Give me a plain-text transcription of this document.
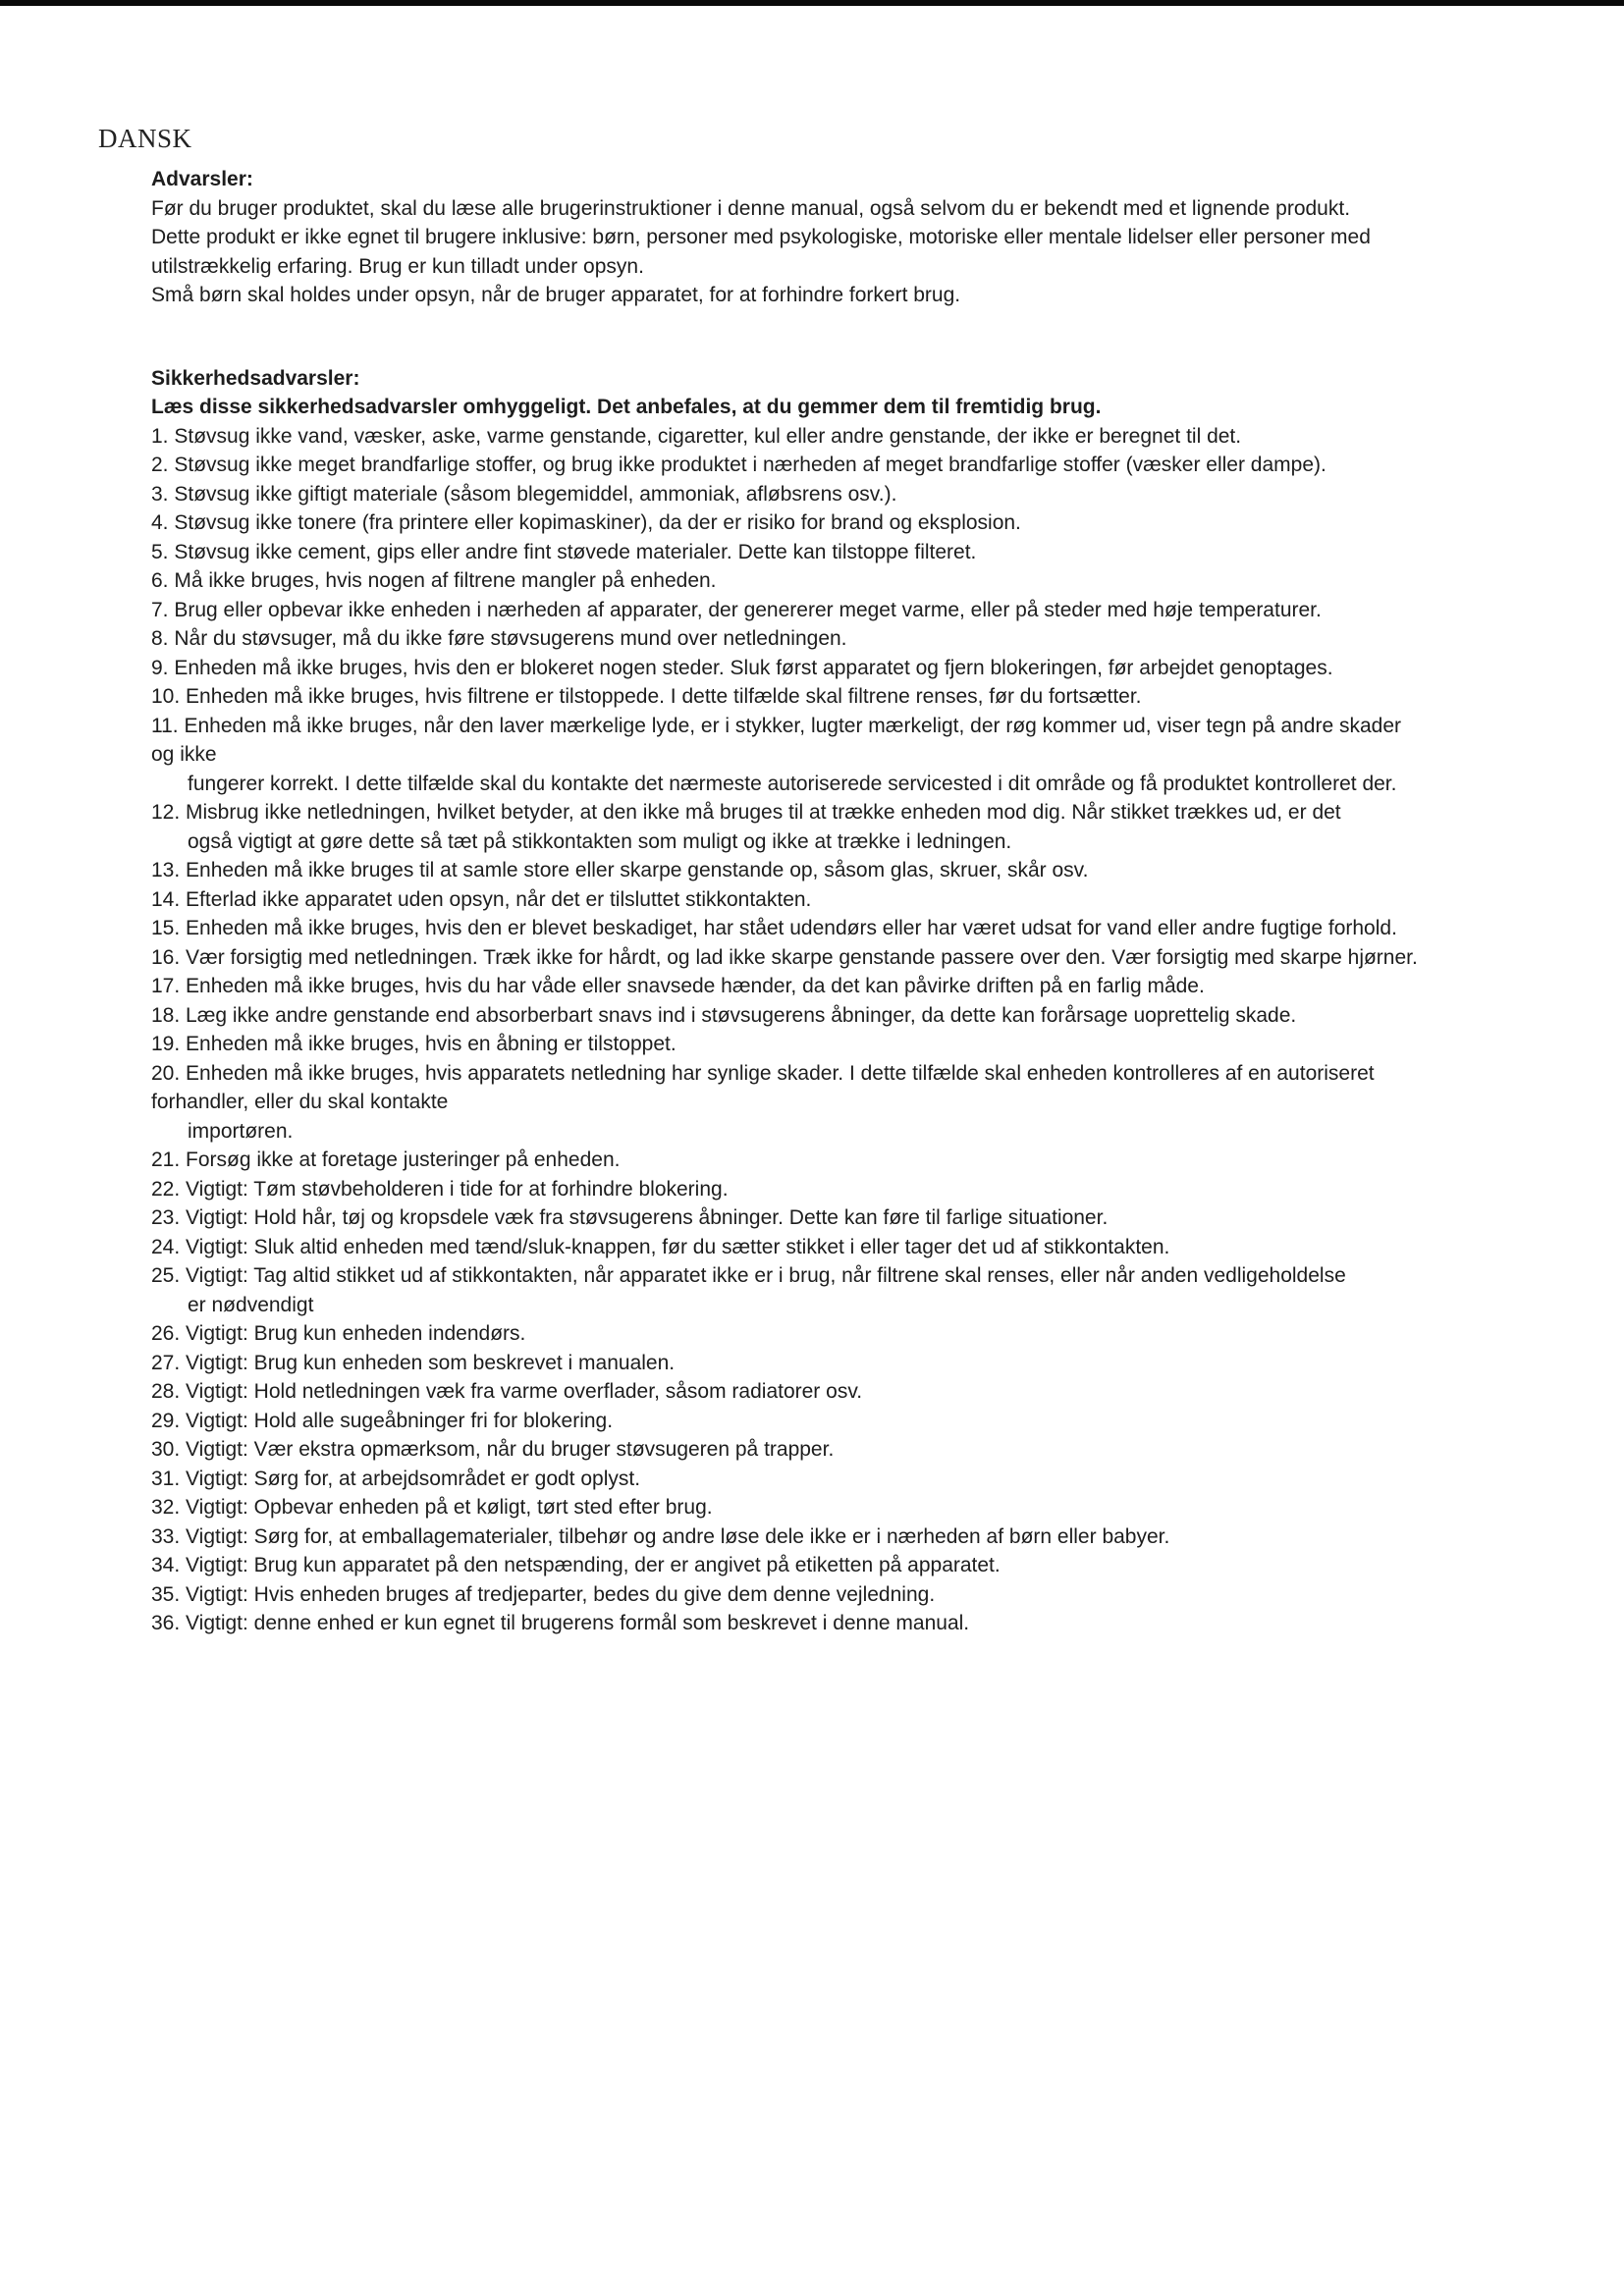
DANSK
Advarsler:
Før du bruger produktet, skal du læse alle brugerinstruktioner i denne manual, også selvom du er bekendt med et lignende produkt.
Dette produkt er ikke egnet til brugere inklusive: børn, personer med psykologiske, motoriske eller mentale lidelser eller personer med
utilstrækkelig erfaring. Brug er kun tilladt under opsyn.
Små børn skal holdes under opsyn, når de bruger apparatet, for at forhindre forkert brug.
Sikkerhedsadvarsler:
Læs disse sikkerhedsadvarsler omhyggeligt. Det anbefales, at du gemmer dem til fremtidig brug.
1. Støvsug ikke vand, væsker, aske, varme genstande, cigaretter, kul eller andre genstande, der ikke er beregnet til det.
2. Støvsug ikke meget brandfarlige stoffer, og brug ikke produktet i nærheden af meget brandfarlige stoffer (væsker eller dampe).
3. Støvsug ikke giftigt materiale (såsom blegemiddel, ammoniak, afløbsrens osv.).
4. Støvsug ikke tonere (fra printere eller kopimaskiner), da der er risiko for brand og eksplosion.
5. Støvsug ikke cement, gips eller andre fint støvede materialer. Dette kan tilstoppe filteret.
6. Må ikke bruges, hvis nogen af filtrene mangler på enheden.
7. Brug eller opbevar ikke enheden i nærheden af apparater, der genererer meget varme, eller på steder med høje temperaturer.
8. Når du støvsuger, må du ikke føre støvsugerens mund over netledningen.
9. Enheden må ikke bruges, hvis den er blokeret nogen steder. Sluk først apparatet og fjern blokeringen, før arbejdet genoptages.
10. Enheden må ikke bruges, hvis filtrene er tilstoppede. I dette tilfælde skal filtrene renses, før du fortsætter.
11. Enheden må ikke bruges, når den laver mærkelige lyde, er i stykker, lugter mærkeligt, der røg kommer ud, viser tegn på andre skader
og ikke
fungerer korrekt. I dette tilfælde skal du kontakte det nærmeste autoriserede servicested i dit område og få produktet kontrolleret der.
12. Misbrug ikke netledningen, hvilket betyder, at den ikke må bruges til at trække enheden mod dig. Når stikket trækkes ud, er det
også vigtigt at gøre dette så tæt på stikkontakten som muligt og ikke at trække i ledningen.
13. Enheden må ikke bruges til at samle store eller skarpe genstande op, såsom glas, skruer, skår osv.
14. Efterlad ikke apparatet uden opsyn, når det er tilsluttet stikkontakten.
15. Enheden må ikke bruges, hvis den er blevet beskadiget, har stået udendørs eller har været udsat for vand eller andre fugtige forhold.
16. Vær forsigtig med netledningen. Træk ikke for hårdt, og lad ikke skarpe genstande passere over den. Vær forsigtig med skarpe hjørner.
17. Enheden må ikke bruges, hvis du har våde eller snavsede hænder, da det kan påvirke driften på en farlig måde.
18. Læg ikke andre genstande end absorberbart snavs ind i støvsugerens åbninger, da dette kan forårsage uoprettelig skade.
19. Enheden må ikke bruges, hvis en åbning er tilstoppet.
20. Enheden må ikke bruges, hvis apparatets netledning har synlige skader. I dette tilfælde skal enheden kontrolleres af en autoriseret
forhandler, eller du skal kontakte
importøren.
21. Forsøg ikke at foretage justeringer på enheden.
22. Vigtigt: Tøm støvbeholderen i tide for at forhindre blokering.
23. Vigtigt: Hold hår, tøj og kropsdele væk fra støvsugerens åbninger. Dette kan føre til farlige situationer.
24. Vigtigt: Sluk altid enheden med tænd/sluk-knappen, før du sætter stikket i eller tager det ud af stikkontakten.
25. Vigtigt: Tag altid stikket ud af stikkontakten, når apparatet ikke er i brug, når filtrene skal renses, eller når anden vedligeholdelse
er nødvendigt
26. Vigtigt: Brug kun enheden indendørs.
27. Vigtigt: Brug kun enheden som beskrevet i manualen.
28. Vigtigt: Hold netledningen væk fra varme overflader, såsom radiatorer osv.
29. Vigtigt: Hold alle sugeåbninger fri for blokering.
30. Vigtigt: Vær ekstra opmærksom, når du bruger støvsugeren på trapper.
31. Vigtigt: Sørg for, at arbejdsområdet er godt oplyst.
32. Vigtigt: Opbevar enheden på et køligt, tørt sted efter brug.
33. Vigtigt: Sørg for, at emballagematerialer, tilbehør og andre løse dele ikke er i nærheden af børn eller babyer.
34. Vigtigt: Brug kun apparatet på den netspænding, der er angivet på etiketten på apparatet.
35. Vigtigt: Hvis enheden bruges af tredjeparter, bedes du give dem denne vejledning.
36. Vigtigt: denne enhed er kun egnet til brugerens formål som beskrevet i denne manual.
